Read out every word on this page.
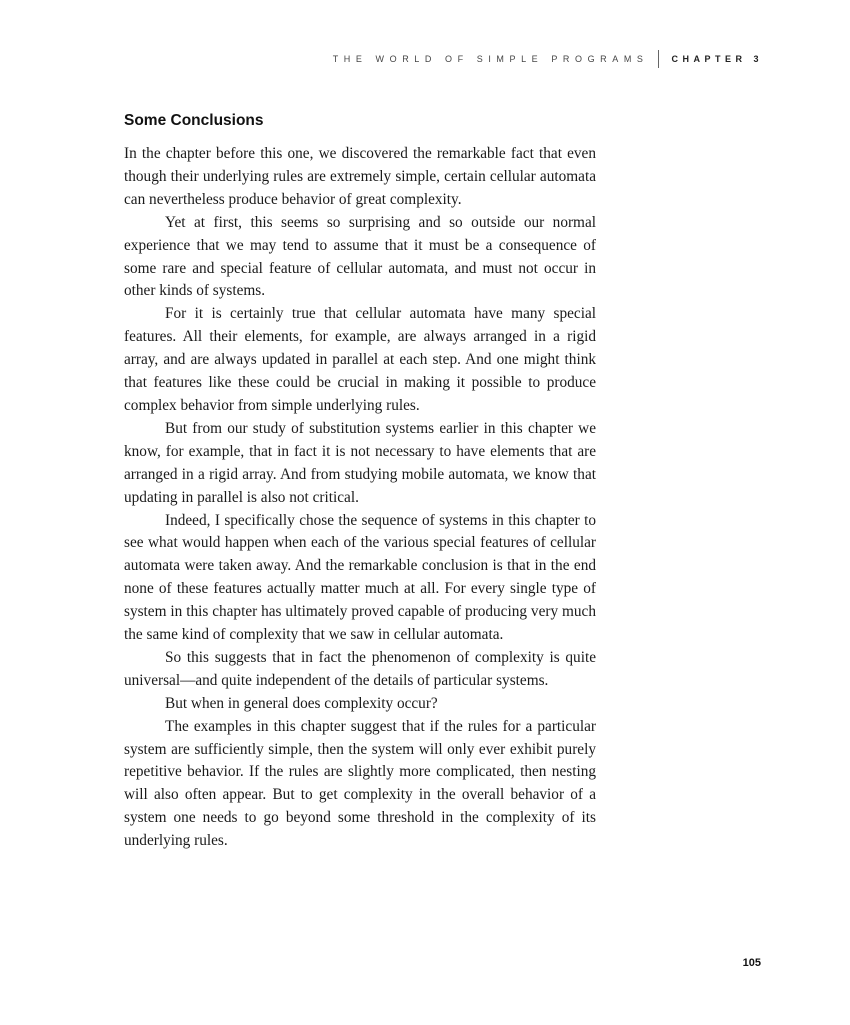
THE WORLD OF SIMPLE PROGRAMS	CHAPTER 3
Some Conclusions

In the chapter before this one, we discovered the remarkable fact that even though their underlying rules are extremely simple, certain cellular automata can nevertheless produce behavior of great complexity.

Yet at first, this seems so surprising and so outside our normal experience that we may tend to assume that it must be a consequence of some rare and special feature of cellular automata, and must not occur in other kinds of systems.

For it is certainly true that cellular automata have many special features. All their elements, for example, are always arranged in a rigid array, and are always updated in parallel at each step. And one might think that features like these could be crucial in making it possible to produce complex behavior from simple underlying rules.

But from our study of substitution systems earlier in this chapter we know, for example, that in fact it is not necessary to have elements that are arranged in a rigid array. And from studying mobile automata, we know that updating in parallel is also not critical.

Indeed, I specifically chose the sequence of systems in this chapter to see what would happen when each of the various special features of cellular automata were taken away. And the remarkable conclusion is that in the end none of these features actually matter much at all. For every single type of system in this chapter has ultimately proved capable of producing very much the same kind of complexity that we saw in cellular automata.

So this suggests that in fact the phenomenon of complexity is quite universal—and quite independent of the details of particular systems.

But when in general does complexity occur?

The examples in this chapter suggest that if the rules for a particular system are sufficiently simple, then the system will only ever exhibit purely repetitive behavior. If the rules are slightly more complicated, then nesting will also often appear. But to get complexity in the overall behavior of a system one needs to go beyond some threshold in the complexity of its underlying rules.

105
